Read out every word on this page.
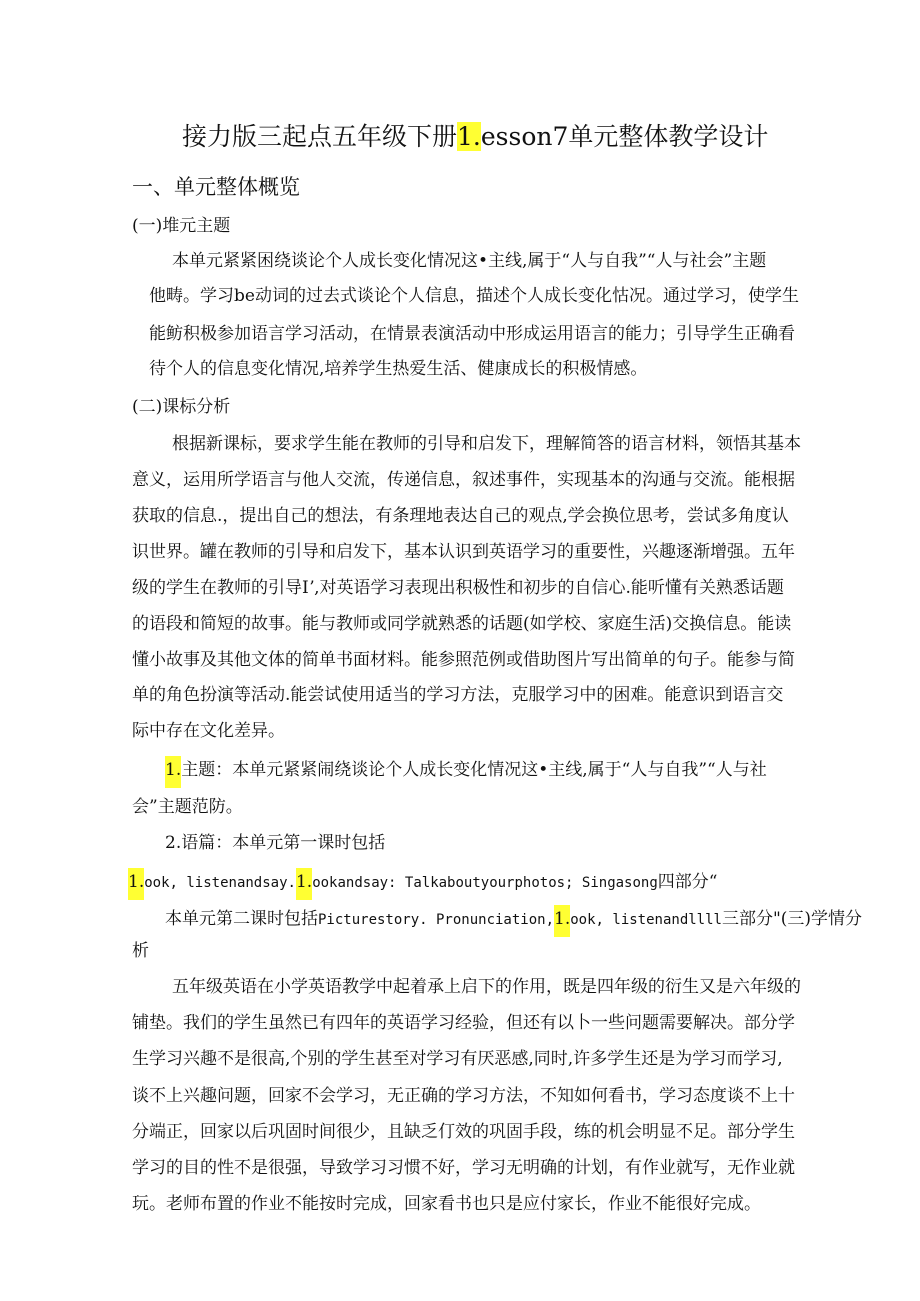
接力版三起点五年级下册1.esson7单元整体教学设计
一、单元整体概览
(一)堆元主题
本单元紧紧困绕谈论个人成长变化情况这•主线,属于“人与自我”“人与社会”主题
他畴。学习be动词的过去式谈论个人信息，描述个人成长变化怙况。通过学习，使学生
能鲂积极参加语言学习活动，在情景表演活动中形成运用语言的能力；引导学生正确看
待个人的信息变化情况,培养学生热爱生活、健康成长的积极情感。
(二)课标分析
根据新课标，要求学生能在教师的引导和启发下，理解简答的语言材料，领悟其基本
意义，运用所学语言与他人交流，传递信息，叙述事件，实现基本的沟通与交流。能根据
获取的信息.，提出自己的想法，有条理地表达自己的观点,学会换位思考，尝试多角度认
识世界。罐在教师的引导和启发下，基本认识到英语学习的重要性，兴趣逐渐增强。五年
级的学生在教师的引导Iʼ,对英语学习表现出积极性和初步的自信心.能听懂有关熟悉话题
的语段和简短的故事。能与教师或同学就熟悉的话题(如学校、家庭生活)交换信息。能读
懂小故事及其他文体的简单书面材料。能参照范例或借助图片写出简单的句子。能参与简
单的角色扮演等活动.能尝试使用适当的学习方法，克服学习中的困难。能意识到语言交
际中存在文化差异。
1.主题：本单元紧紧闹绕谈论个人成长变化情况这•主线,属于“人与自我”“人与社
会”主题范防。
2.语篇：本单元第一课时包括
1.ook, listenandsay.1.ookandsay: Talkaboutyourphotos; Singasong四部分“
本单元第二课时包括Picturestory. Pronunciation,1.ook, listenandllll三部分"(三)学情分
析
五年级英语在小学英语教学中起着承上启下的作用，既是四年级的衍生又是六年级的
铺垫。我们的学生虽然已有四年的英语学习经验，但还有以卜一些问题需要解决。部分学
生学习兴趣不是很高,个别的学生甚至对学习有厌恶感,同时,许多学生还是为学习而学习,
谈不上兴趣问题，回家不会学习，无正确的学习方法，不知如何看书，学习态度谈不上十
分端正，回家以后巩固时间很少，且缺乏仃效的巩固手段，练的机会明显不足。部分学生
学习的目的性不是很强，导致学习习惯不好，学习无明确的计划，有作业就写，无作业就
玩。老师布置的作业不能按时完成，回家看书也只是应付家长，作业不能很好完成。
